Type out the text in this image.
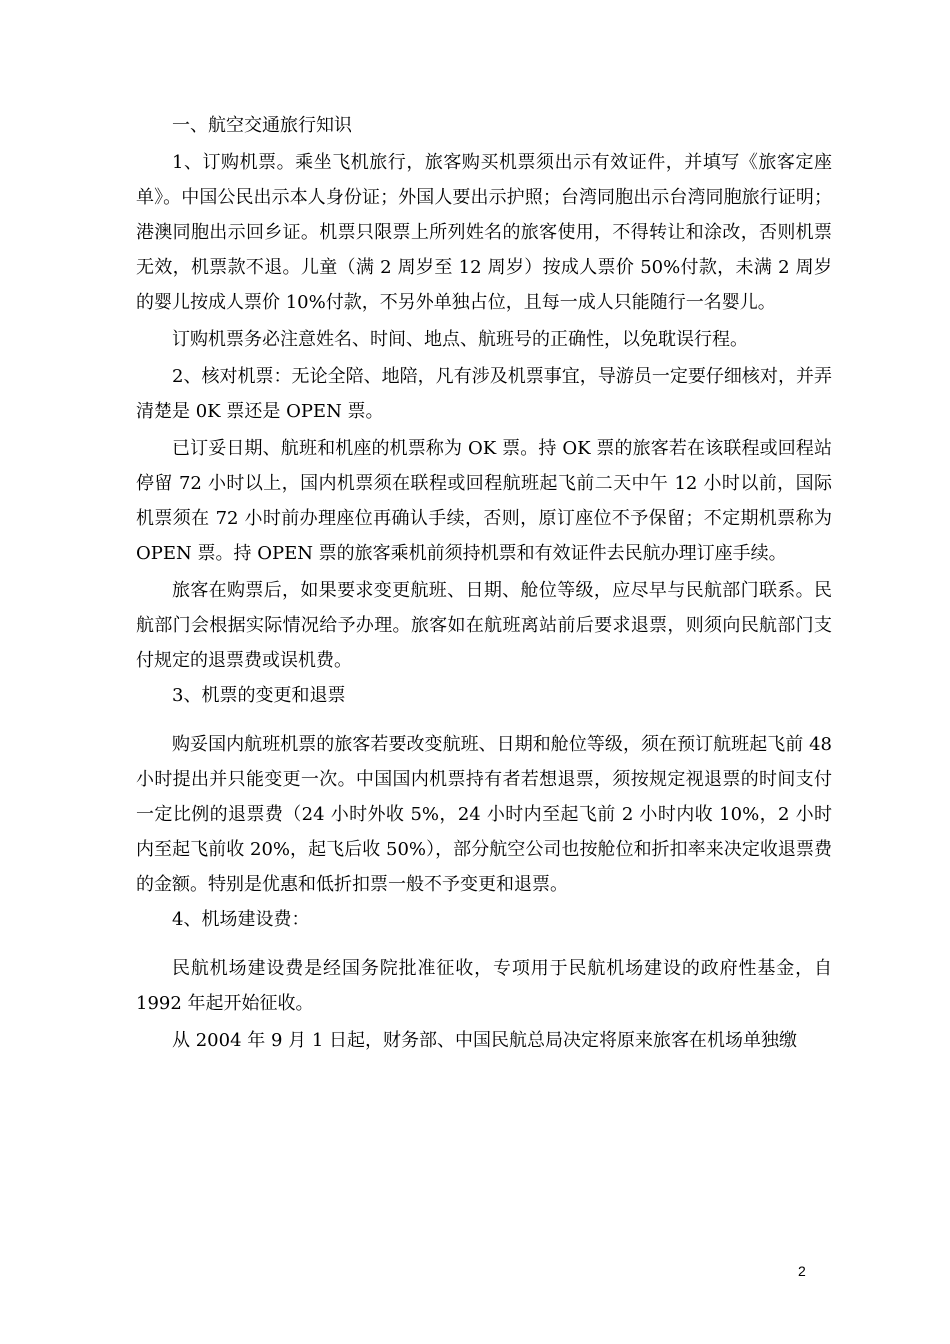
一、航空交通旅行知识

1、订购机票。乘坐飞机旅行，旅客购买机票须出示有效证件，并填写《旅客定座单》。中国公民出示本人身份证；外国人要出示护照；台湾同胞出示台湾同胞旅行证明；港澳同胞出示回乡证。机票只限票上所列姓名的旅客使用，不得转让和涂改，否则机票无效，机票款不退。儿童（满 2 周岁至 12 周岁）按成人票价 50%付款，未满 2 周岁的婴儿按成人票价 10%付款，不另外单独占位，且每一成人只能随行一名婴儿。

订购机票务必注意姓名、时间、地点、航班号的正确性，以免耽误行程。

2、核对机票：无论全陪、地陪，凡有涉及机票事宜，导游员一定要仔细核对，并弄清楚是 0K 票还是 OPEN 票。

已订妥日期、航班和机座的机票称为 OK 票。持 OK 票的旅客若在该联程或回程站停留 72 小时以上，国内机票须在联程或回程航班起飞前二天中午 12 小时以前，国际机票须在 72 小时前办理座位再确认手续，否则，原订座位不予保留；不定期机票称为 OPEN 票。持 OPEN 票的旅客乘机前须持机票和有效证件去民航办理订座手续。

旅客在购票后，如果要求变更航班、日期、舱位等级，应尽早与民航部门联系。民航部门会根据实际情况给予办理。旅客如在航班离站前后要求退票，则须向民航部门支付规定的退票费或误机费。

3、机票的变更和退票

购妥国内航班机票的旅客若要改变航班、日期和舱位等级，须在预订航班起飞前 48 小时提出并只能变更一次。中国国内机票持有者若想退票，须按规定视退票的时间支付一定比例的退票费（24 小时外收 5%，24 小时内至起飞前 2 小时内收 10%，2 小时内至起飞前收 20%，起飞后收 50%），部分航空公司也按舱位和折扣率来决定收退票费的金额。特别是优惠和低折扣票一般不予变更和退票。

4、机场建设费：

民航机场建设费是经国务院批准征收，专项用于民航机场建设的政府性基金，自 1992 年起开始征收。

从 2004 年 9 月 1 日起，财务部、中国民航总局决定将原来旅客在机场单独缴

2
